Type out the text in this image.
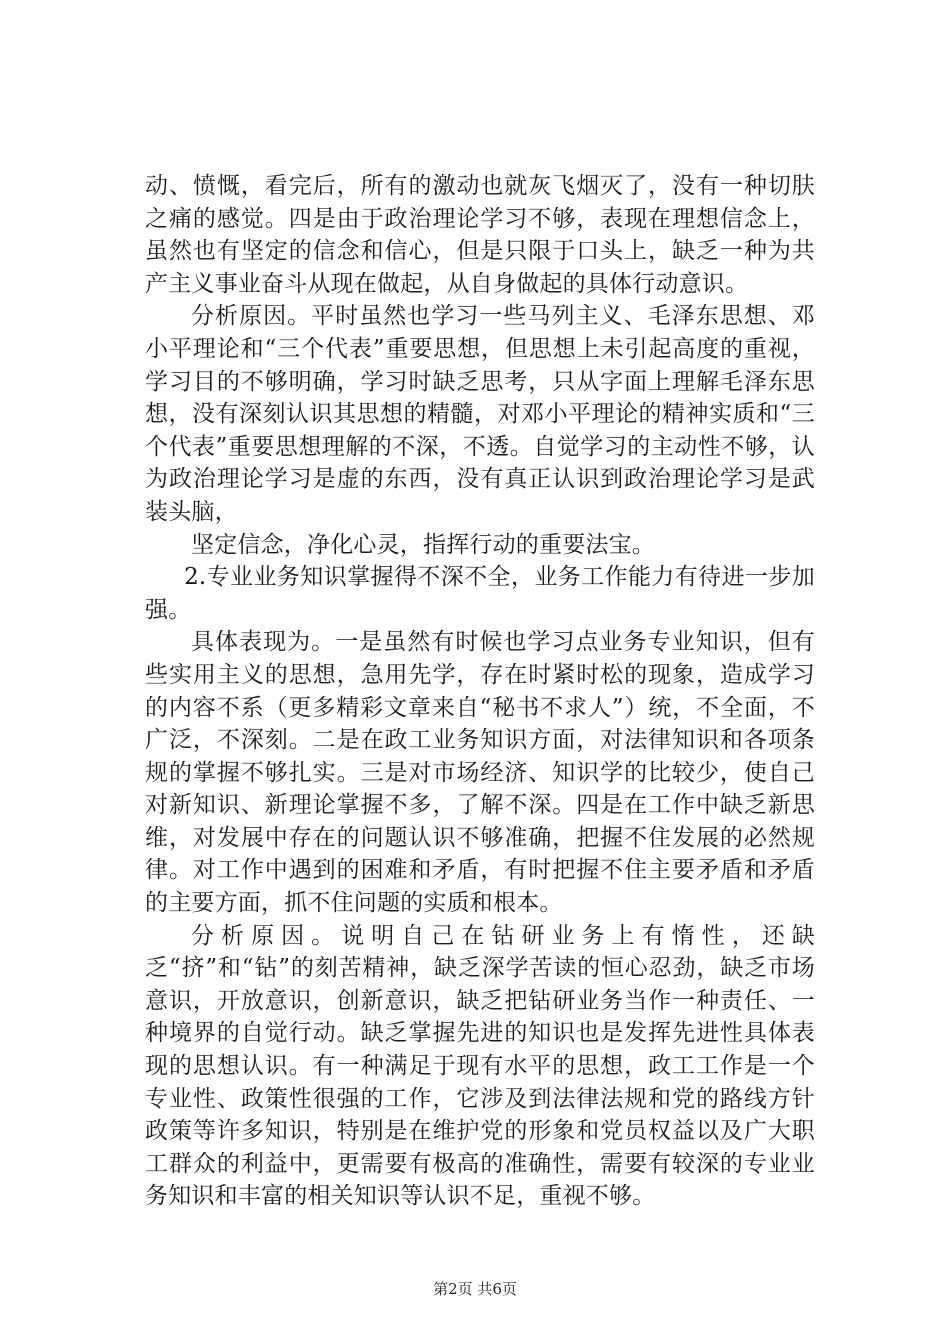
动、愤慨，看完后，所有的激动也就灰飞烟灭了，没有一种切肤之痛的感觉。四是由于政治理论学习不够，表现在理想信念上，虽然也有坚定的信念和信心，但是只限于口头上，缺乏一种为共产主义事业奋斗从现在做起，从自身做起的具体行动意识。

分析原因。平时虽然也学习一些马列主义、毛泽东思想、邓小平理论和“三个代表”重要思想，但思想上未引起高度的重视，学习目的不够明确，学习时缺乏思考，只从字面上理解毛泽东思想，没有深刻认识其思想的精髓，对邓小平理论的精神实质和“三个代表”重要思想理解的不深，不透。自觉学习的主动性不够，认为政治理论学习是虚的东西，没有真正认识到政治理论学习是武装头脑，

坚定信念，净化心灵，指挥行动的重要法宝。

2.专业业务知识掌握得不深不全，业务工作能力有待进一步加强。

具体表现为。一是虽然有时候也学习点业务专业知识，但有些实用主义的思想，急用先学，存在时紧时松的现象，造成学习的内容不系（更多精彩文章来自“秘书不求人”）统，不全面，不广泛，不深刻。二是在政工业务知识方面，对法律知识和各项条规的掌握不够扎实。三是对市场经济、知识学的比较少，使自己对新知识、新理论掌握不多，了解不深。四是在工作中缺乏新思维，对发展中存在的问题认识不够准确，把握不住发展的必然规律。对工作中遇到的困难和矛盾，有时把握不住主要矛盾和矛盾的主要方面，抓不住问题的实质和根本。

分析原因。说明自己在钻研业务上有惰性，还缺乏“挤”和“钻”的刻苦精神，缺乏深学苦读的恒心忍劲，缺乏市场意识，开放意识，创新意识，缺乏把钻研业务当作一种责任、一种境界的自觉行动。缺乏掌握先进的知识也是发挥先进性具体表现的思想认识。有一种满足于现有水平的思想，政工工作是一个专业性、政策性很强的工作，它涉及到法律法规和党的路线方针政策等许多知识，特别是在维护党的形象和党员权益以及广大职工群众的利益中，更需要有极高的准确性，需要有较深的专业业务知识和丰富的相关知识等认识不足，重视不够。

第2页 共6页
